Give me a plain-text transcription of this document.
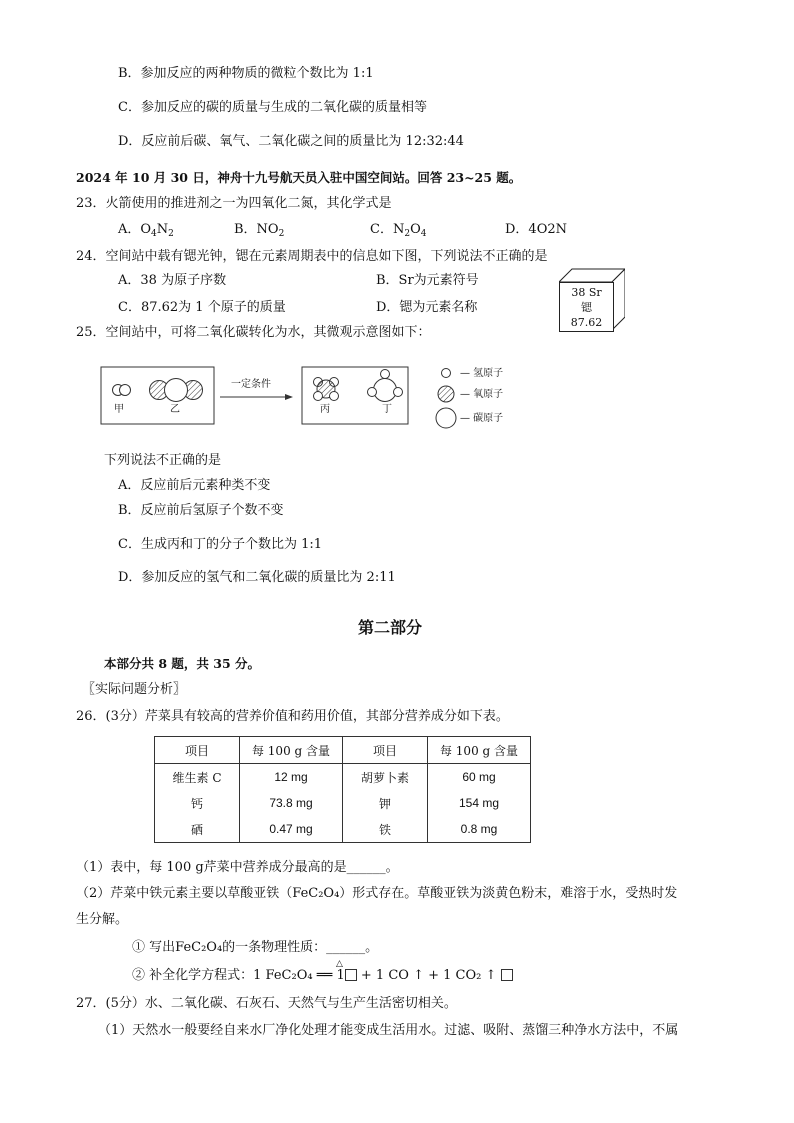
B．参加反应的两种物质的微粒个数比为 1:1
C．参加反应的碳的质量与生成的二氧化碳的质量相等
D．反应前后碳、氧气、二氧化碳之间的质量比为 12:32:44
2024 年 10 月 30 日，神舟十九号航天员入驻中国空间站。回答 23~25 题。
23．火箭使用的推进剂之一为四氧化二氮，其化学式是
A．$O_4N_2$	B．$NO_2$	C．$N_2O_4$	D．4O2N
24．空间站中载有锶光钟，锶在元素周期表中的信息如下图，下列说法不正确的是
A．38 为原子序数	B．Sr为元素符号
C．87.62为 1 个原子的质量	D．锶为元素名称
38 Sr
锶
87.62
25．空间站中，可将二氧化碳转化为水，其微观示意图如下：
甲	乙
一定条件
丙	丁
— 氢原子
— 氧原子
— 碳原子
下列说法不正确的是
A．反应前后元素种类不变
B．反应前后氢原子个数不变
C．生成丙和丁的分子个数比为 1:1
D．参加反应的氢气和二氧化碳的质量比为 2:11
第二部分
本部分共 8 题，共 35 分。
〖实际问题分析〗
26．(3分）芹菜具有较高的营养价值和药用价值，其部分营养成分如下表。
项目	每 100 g 含量	项目	每 100 g 含量
维生素 C	12 mg	胡萝卜素	60 mg
钙	73.8 mg	钾	154 mg
硒	0.47 mg	铁	0.8 mg
（1）表中，每 100 g芹菜中营养成分最高的是______。
（2）芹菜中铁元素主要以草酸亚铁（FeC₂O₄）形式存在。草酸亚铁为淡黄色粉末，难溶于水，受热时发
生分解。
① 写出FeC₂O₄的一条物理性质：______。
② 补全化学方程式：1 FeC₂O₄ ══ 1 + 1 CO ↑ + 1 CO₂ ↑
△
27．(5分）水、二氧化碳、石灰石、天然气与生产生活密切相关。
（1）天然水一般要经自来水厂净化处理才能变成生活用水。过滤、吸附、蒸馏三种净水方法中，不属
